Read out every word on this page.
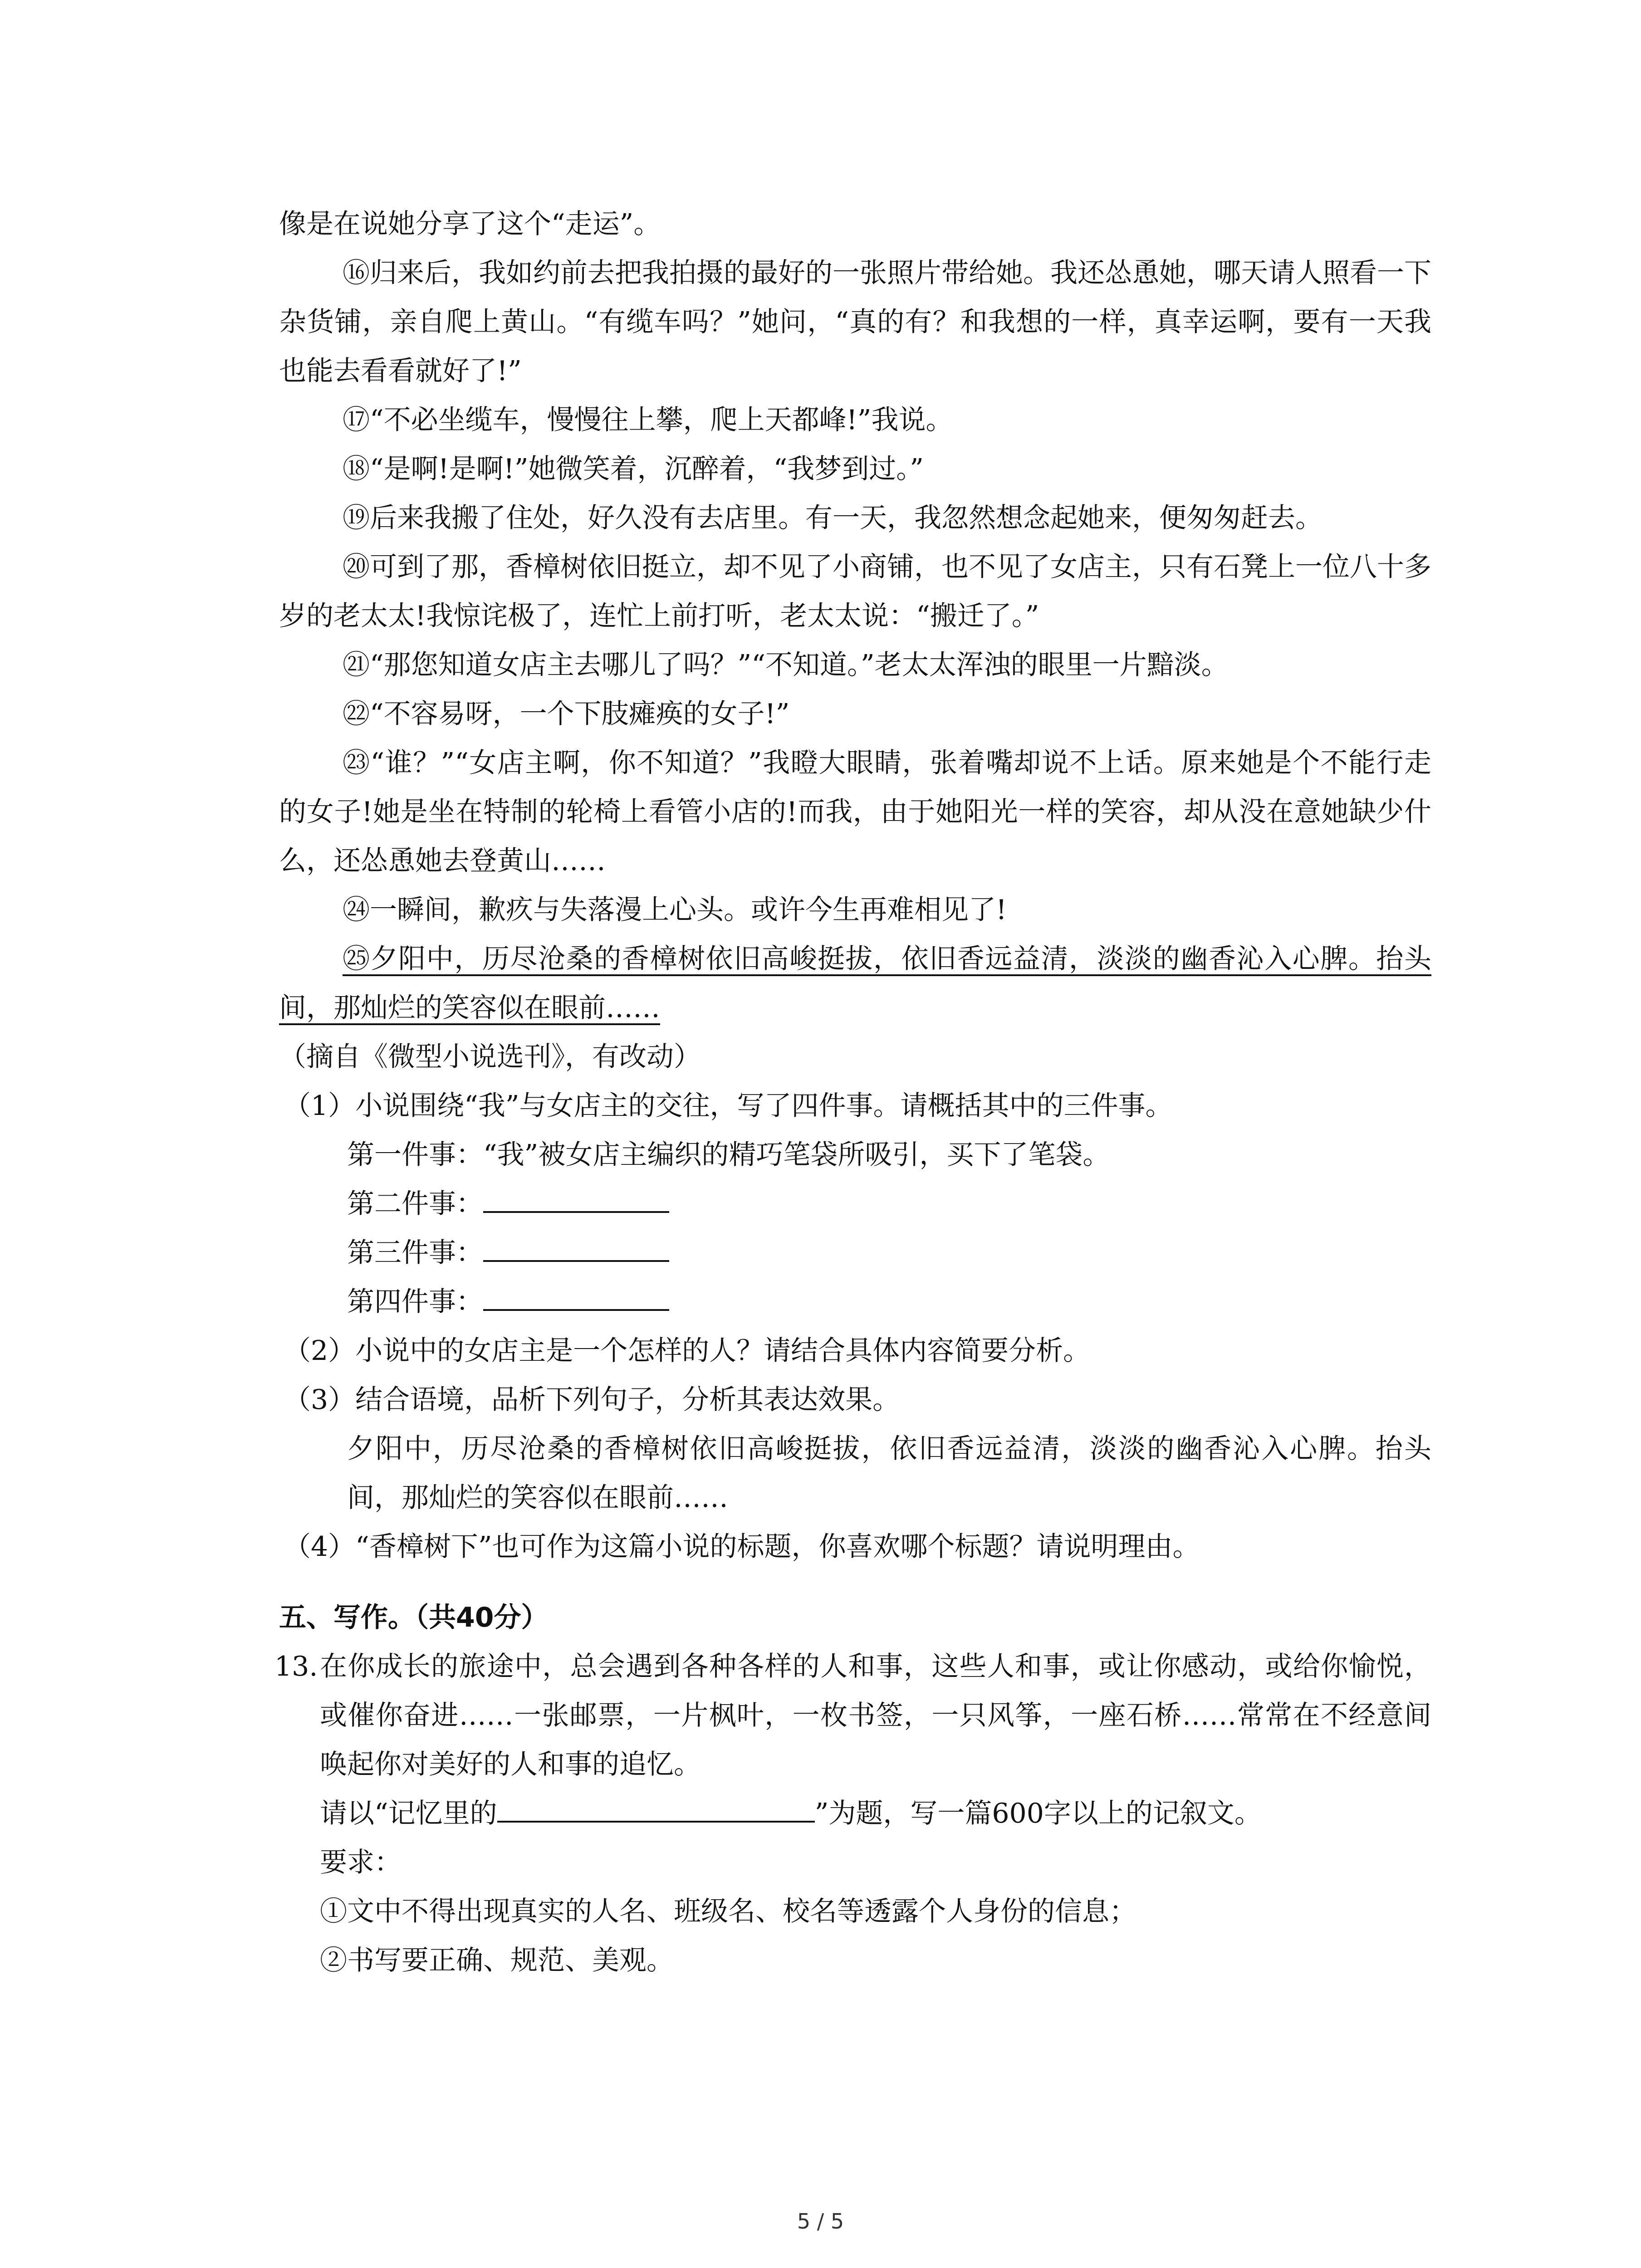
像是在说她分享了这个“走运”。

⑯归来后，我如约前去把我拍摄的最好的一张照片带给她。我还怂恿她，哪天请人照看一下杂货铺，亲自爬上黄山。“有缆车吗？”她问，“真的有？和我想的一样，真幸运啊，要有一天我也能去看看就好了!”

⑰“不必坐缆车，慢慢往上攀，爬上天都峰!”我说。

⑱“是啊!是啊!”她微笑着，沉醉着，“我梦到过。”

⑲后来我搬了住处，好久没有去店里。有一天，我忽然想念起她来，便匆匆赶去。

⑳可到了那，香樟树依旧挺立，却不见了小商铺，也不见了女店主，只有石凳上一位八十多岁的老太太!我惊诧极了，连忙上前打听，老太太说：“搬迁了。”

㉑“那您知道女店主去哪儿了吗？”“不知道。”老太太浑浊的眼里一片黯淡。

㉒“不容易呀，一个下肢瘫痪的女子!”

㉓“谁？”“女店主啊，你不知道？”我瞪大眼睛，张着嘴却说不上话。原来她是个不能行走的女子!她是坐在特制的轮椅上看管小店的!而我，由于她阳光一样的笑容，却从没在意她缺少什么，还怂恿她去登黄山……

㉔一瞬间，歉疚与失落漫上心头。或许今生再难相见了!

㉕夕阳中，历尽沧桑的香樟树依旧高峻挺拔，依旧香远益清，淡淡的幽香沁入心脾。抬头间，那灿烂的笑容似在眼前……

（摘自《微型小说选刊》，有改动）

（1）小说围绕“我”与女店主的交往，写了四件事。请概括其中的三件事。

第一件事：“我”被女店主编织的精巧笔袋所吸引，买下了笔袋。

第二件事：

第三件事：

第四件事：

（2）小说中的女店主是一个怎样的人？请结合具体内容简要分析。

（3）结合语境，品析下列句子，分析其表达效果。

夕阳中，历尽沧桑的香樟树依旧高峻挺拔，依旧香远益清，淡淡的幽香沁入心脾。抬头间，那灿烂的笑容似在眼前……

（4）“香樟树下”也可作为这篇小说的标题，你喜欢哪个标题？请说明理由。

五、写作。（共40分）

13. 在你成长的旅途中，总会遇到各种各样的人和事，这些人和事，或让你感动，或给你愉悦，或催你奋进……一张邮票，一片枫叶，一枚书签，一只风筝，一座石桥……常常在不经意间唤起你对美好的人和事的追忆。

请以“记忆里的	”为题，写一篇600字以上的记叙文。

要求：

①文中不得出现真实的人名、班级名、校名等透露个人身份的信息；

②书写要正确、规范、美观。

5 / 5
